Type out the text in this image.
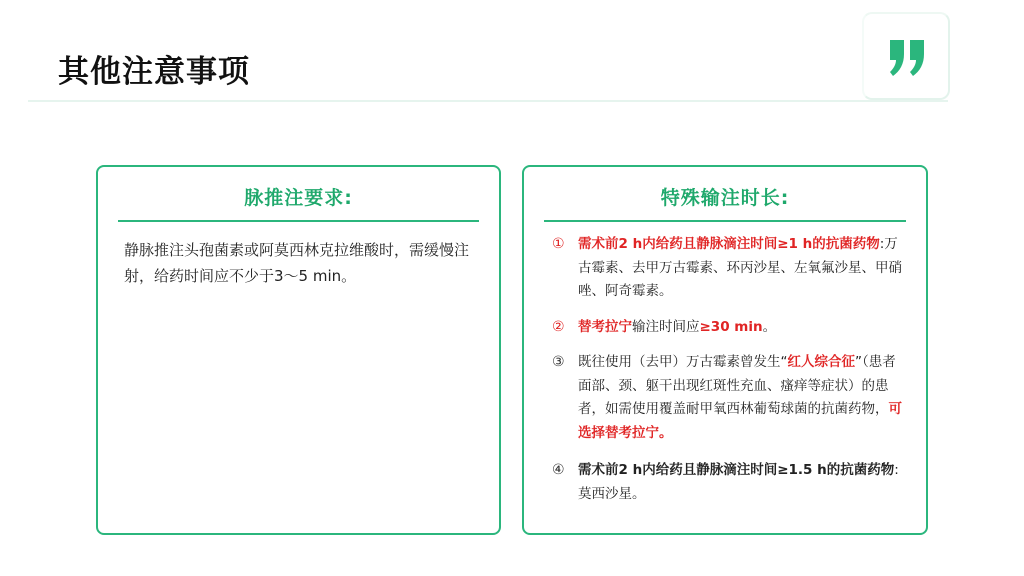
其他注意事项
脉推注要求:
静脉推注头孢菌素或阿莫西林克拉维酸时，需缓慢注射，给药时间应不少于3～5 min。
特殊输注时长:
① 需术前2 h内给药且静脉滴注时间≥1 h的抗菌药物:万古霉素、去甲万古霉素、环丙沙星、左氧氟沙星、甲硝唑、阿奇霉素。
② 替考拉宁输注时间应≥30 min。
③ 既往使用（去甲）万古霉素曾发生“红人综合征”（患者面部、颈、躯干出现红斑性充血、瘙痒等症状）的患者，如需使用覆盖耐甲氧西林葡萄球菌的抗菌药物，可选择替考拉宁。
④ 需术前2 h内给药且静脉滴注时间≥1.5 h的抗菌药物:莫西沙星。
